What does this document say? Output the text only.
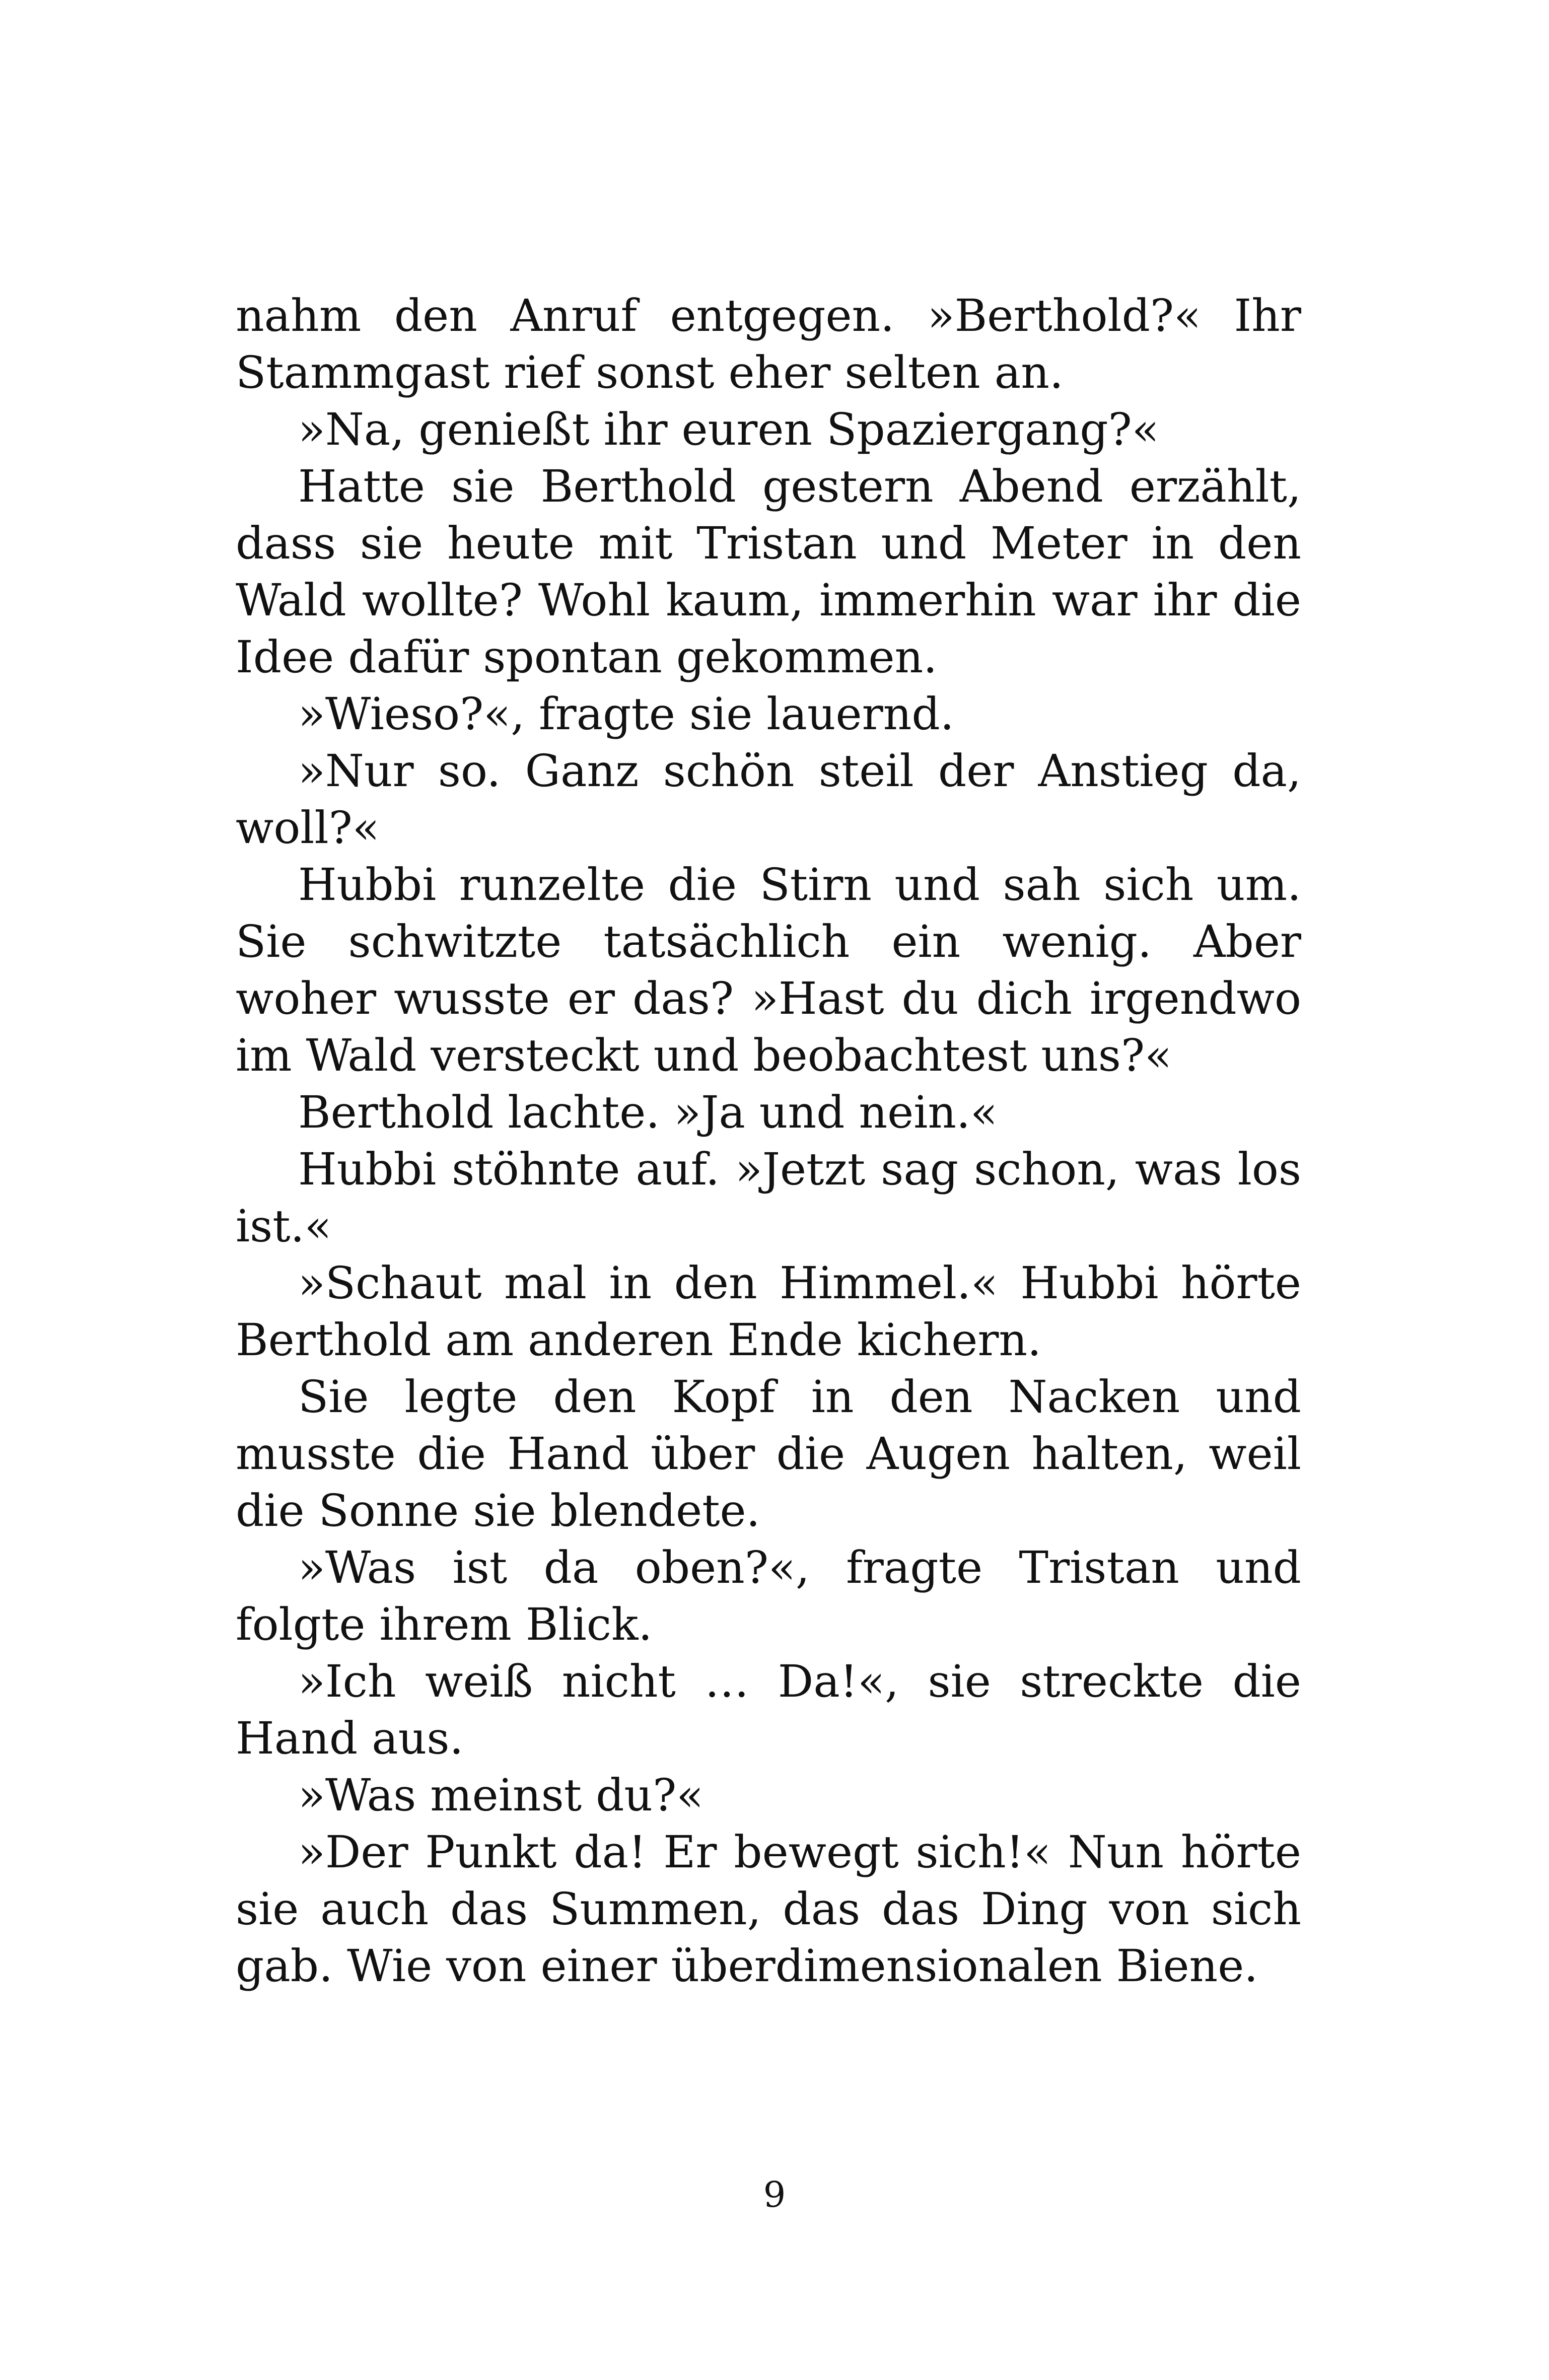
nahm den Anruf entgegen. »Berthold?« Ihr Stammgast rief sonst eher selten an.

»Na, genießt ihr euren Spaziergang?«

Hatte sie Berthold gestern Abend erzählt, dass sie heute mit Tristan und Meter in den Wald wollte? Wohl kaum, immerhin war ihr die Idee dafür spontan gekommen.

»Wieso?«, fragte sie lauernd.

»Nur so. Ganz schön steil der Anstieg da, woll?«

Hubbi runzelte die Stirn und sah sich um. Sie schwitzte tatsächlich ein wenig. Aber woher wusste er das? »Hast du dich irgendwo im Wald versteckt und beobachtest uns?«

Berthold lachte. »Ja und nein.«

Hubbi stöhnte auf. »Jetzt sag schon, was los ist.«

»Schaut mal in den Himmel.« Hubbi hörte Berthold am anderen Ende kichern.

Sie legte den Kopf in den Nacken und musste die Hand über die Augen halten, weil die Sonne sie blendete.

»Was ist da oben?«, fragte Tristan und folgte ihrem Blick.

»Ich weiß nicht … Da!«, sie streckte die Hand aus.

»Was meinst du?«

»Der Punkt da! Er bewegt sich!« Nun hörte sie auch das Summen, das das Ding von sich gab. Wie von einer überdimensionalen Biene.

9
